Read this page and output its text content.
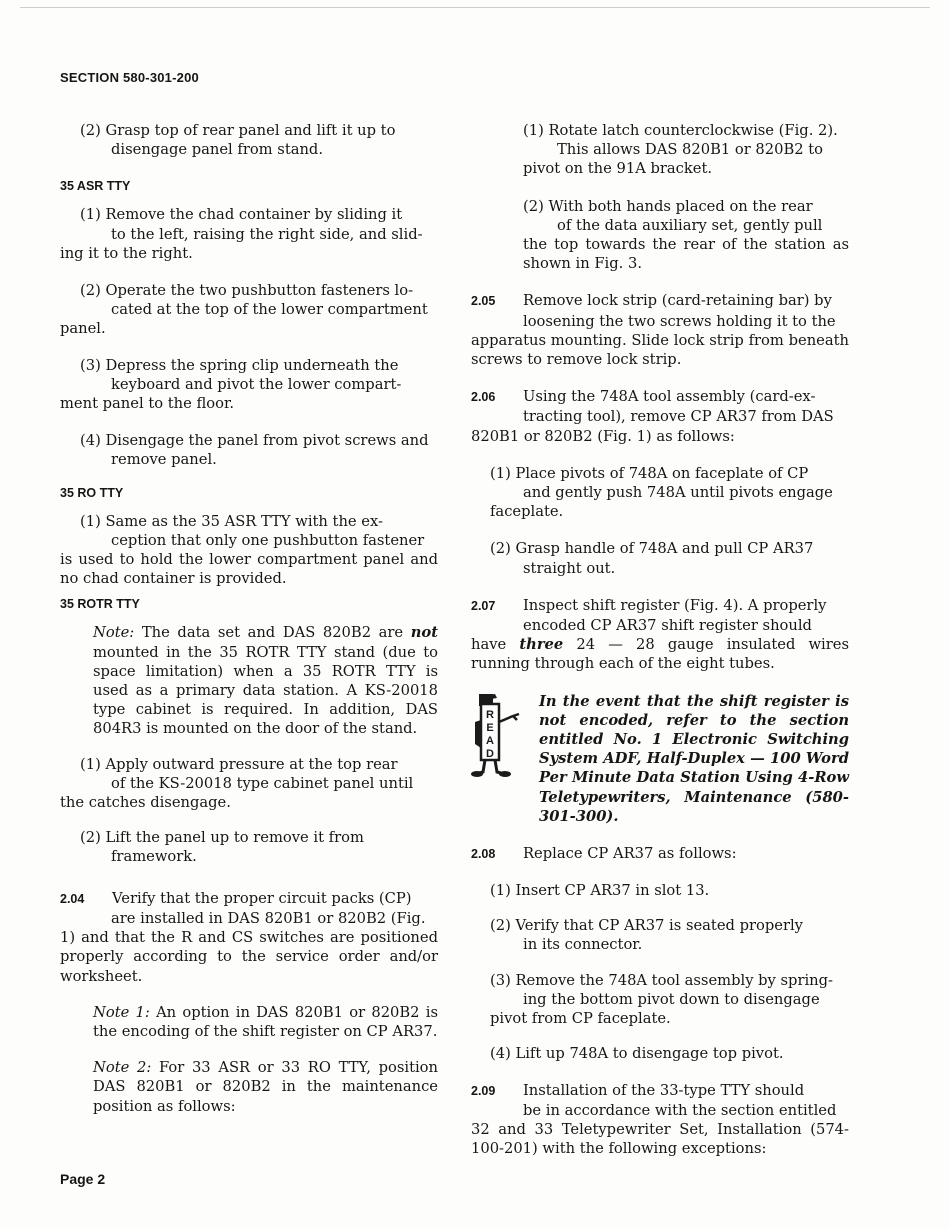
SECTION 580-301-200
(2) Grasp top of rear panel and lift it up to
disengage panel from stand.
35 ASR TTY
(1) Remove the chad container by sliding it
to the left, raising the right side, and slid-
ing it to the right.
(2) Operate the two pushbutton fasteners lo-
cated at the top of the lower compartment
panel.
(3) Depress the spring clip underneath the
keyboard and pivot the lower compart-
ment panel to the floor.
(4) Disengage the panel from pivot screws and
remove panel.
35 RO TTY
(1) Same as the 35 ASR TTY with the ex-
ception that only one pushbutton fastener
is used to hold the lower compartment panel and no chad container is provided.
35 ROTR TTY
Note: The data set and DAS 820B2 are not mounted in the 35 ROTR TTY stand (due to space limitation) when a 35 ROTR TTY is used as a primary data station. A KS-20018 type cabinet is required. In addition, DAS 804R3 is mounted on the door of the stand.
(1) Apply outward pressure at the top rear
of the KS-20018 type cabinet panel until
the catches disengage.
(2) Lift the panel up to remove it from
framework.
2.04 Verify that the proper circuit packs (CP)
are installed in DAS 820B1 or 820B2 (Fig.
1) and that the R and CS switches are positioned properly according to the service order and/or worksheet.
Note 1: An option in DAS 820B1 or 820B2 is the encoding of the shift register on CP AR37.
Note 2: For 33 ASR or 33 RO TTY, position DAS 820B1 or 820B2 in the maintenance position as follows:
(1) Rotate latch counterclockwise (Fig. 2).
This allows DAS 820B1 or 820B2 to
pivot on the 91A bracket.
(2) With both hands placed on the rear
of the data auxiliary set, gently pull
the top towards the rear of the station as shown in Fig. 3.
2.05 Remove lock strip (card-retaining bar) by
loosening the two screws holding it to the
apparatus mounting. Slide lock strip from beneath screws to remove lock strip.
2.06 Using the 748A tool assembly (card-ex-
tracting tool), remove CP AR37 from DAS
820B1 or 820B2 (Fig. 1) as follows:
(1) Place pivots of 748A on faceplate of CP
and gently push 748A until pivots engage
faceplate.
(2) Grasp handle of 748A and pull CP AR37
straight out.
2.07 Inspect shift register (Fig. 4). A properly
encoded CP AR37 shift register should
have three 24 — 28 gauge insulated wires running through each of the eight tubes.
R
E
A
D

In the event that the shift register is not encoded, refer to the section entitled No. 1 Electronic Switching System ADF, Half-Duplex — 100 Word Per Minute Data Station Using 4-Row Teletypewriters, Maintenance (580-301-300).

2.08 Replace CP AR37 as follows:
(1) Insert CP AR37 in slot 13.
(2) Verify that CP AR37 is seated properly
in its connector.
(3) Remove the 748A tool assembly by spring-
ing the bottom pivot down to disengage
pivot from CP faceplate.
(4) Lift up 748A to disengage top pivot.
2.09 Installation of the 33-type TTY should
be in accordance with the section entitled
32 and 33 Teletypewriter Set, Installation (574-100-201) with the following exceptions:
Page 2
